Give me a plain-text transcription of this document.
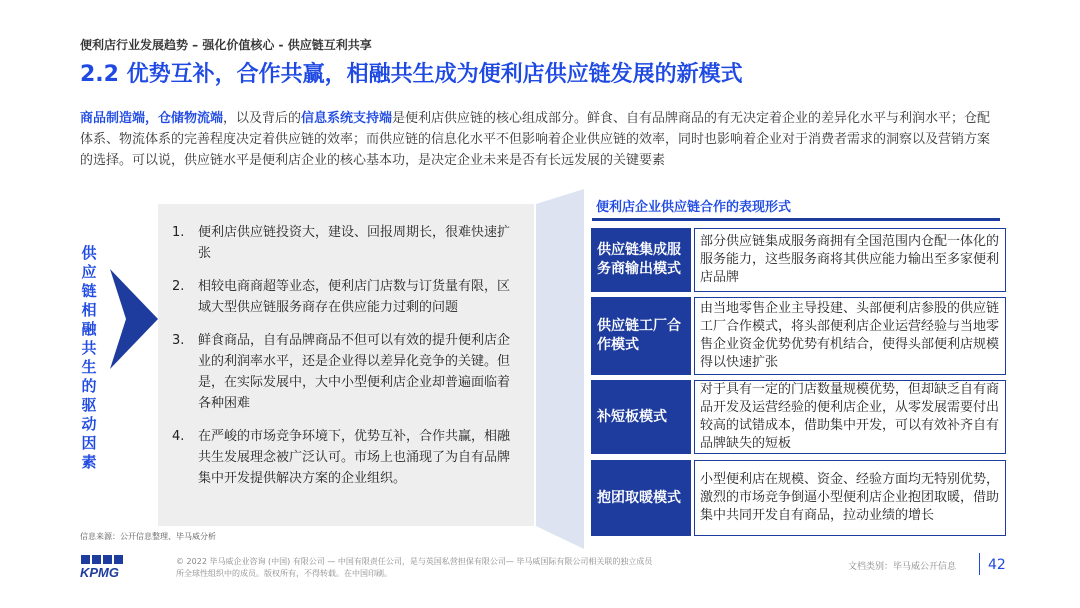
便利店行业发展趋势 – 强化价值核心 - 供应链互利共享
2.2 优势互补，合作共赢，相融共生成为便利店供应链发展的新模式
商品制造端，仓储物流端，以及背后的信息系统支持端是便利店供应链的核心组成部分。鲜食、自有品牌商品的有无决定着企业的差异化水平与利润水平；仓配体系、物流体系的完善程度决定着供应链的效率；而供应链的信息化水平不但影响着企业供应链的效率，同时也影响着企业对于消费者需求的洞察以及营销方案的选择。可以说，供应链水平是便利店企业的核心基本功，是决定企业未来是否有长远发展的关键要素
供
应
链
相
融
共
生
的
驱
动
因
素
1.	便利店供应链投资大，建设、回报周期长，很难快速扩张
2.	相较电商商超等业态，便利店门店数与订货量有限，区域大型供应链服务商存在供应能力过剩的问题
3.	鲜食商品，自有品牌商品不但可以有效的提升便利店企业的利润率水平，还是企业得以差异化竞争的关键。但是，在实际发展中，大中小型便利店企业却普遍面临着各种困难
4.	在严峻的市场竞争环境下，优势互补，合作共赢，相融共生发展理念被广泛认可。市场上也涌现了为自有品牌集中开发提供解决方案的企业组织。
便利店企业供应链合作的表现形式
供应链集成服务商输出模式
部分供应链集成服务商拥有全国范围内仓配一体化的服务能力，这些服务商将其供应能力输出至多家便利店品牌
供应链工厂合作模式
由当地零售企业主导投建、头部便利店参股的供应链工厂合作模式，将头部便利店企业运营经验与当地零售企业资金优势优势有机结合，使得头部便利店规模得以快速扩张
补短板模式
对于具有一定的门店数量规模优势，但却缺乏自有商品开发及运营经验的便利店企业，从零发展需要付出较高的试错成本，借助集中开发，可以有效补齐自有品牌缺失的短板
抱团取暖模式
小型便利店在规模、资金、经验方面均无特别优势，激烈的市场竞争倒逼小型便利店企业抱团取暖，借助集中共同开发自有商品，拉动业绩的增长
信息来源：公开信息整理、毕马威分析
KPMG
© 2022 毕马威企业咨询 (中国) 有限公司 — 中国有限责任公司，是与英国私营担保有限公司— 毕马威国际有限公司相关联的独立成员所全球性组织中的成员。版权所有，不得转载。在中国印刷。
文档类别：毕马威公开信息 42
